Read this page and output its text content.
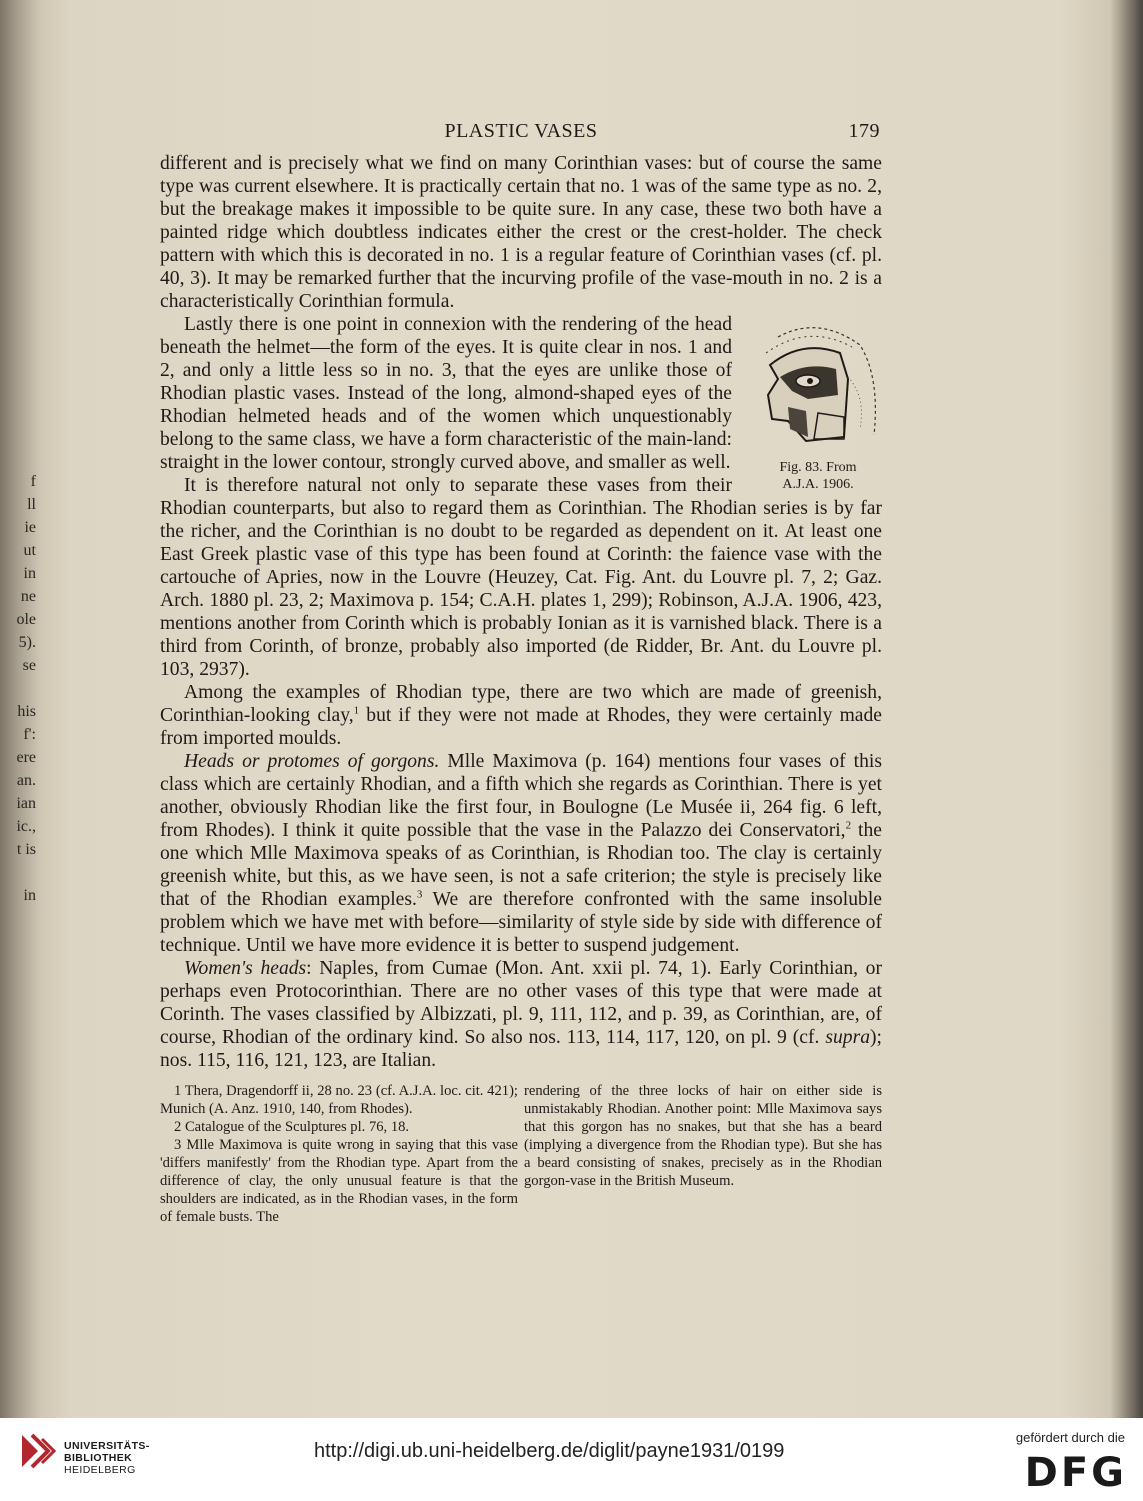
f
ll
ie
ut
in
ne
ole
5).
se
his
f':
ere
an.
ian
ic.,
t is
in
PLASTIC VASES	179

different and is precisely what we find on many Corinthian vases: but of course the same type was current elsewhere. It is practically certain that no. 1 was of the same type as no. 2, but the breakage makes it impossible to be quite sure. In any case, these two both have a painted ridge which doubtless indicates either the crest or the crest-holder. The check pattern with which this is decorated in no. 1 is a regular feature of Corinthian vases (cf. pl. 40, 3). It may be remarked further that the incurving profile of the vase-mouth in no. 2 is a characteristically Corinthian formula.

Fig. 83. From
A.J.A. 1906.

Lastly there is one point in connexion with the rendering of the head beneath the helmet—the form of the eyes. It is quite clear in nos. 1 and 2, and only a little less so in no. 3, that the eyes are unlike those of Rhodian plastic vases. Instead of the long, almond-shaped eyes of the Rhodian helmeted heads and of the women which unquestionably belong to the same class, we have a form characteristic of the main-land: straight in the lower contour, strongly curved above, and smaller as well.

It is therefore natural not only to separate these vases from their Rhodian counterparts, but also to regard them as Corinthian. The Rhodian series is by far the richer, and the Corinthian is no doubt to be regarded as dependent on it. At least one East Greek plastic vase of this type has been found at Corinth: the faience vase with the cartouche of Apries, now in the Louvre (Heuzey, Cat. Fig. Ant. du Louvre pl. 7, 2; Gaz. Arch. 1880 pl. 23, 2; Maximova p. 154; C.A.H. plates 1, 299); Robinson, A.J.A. 1906, 423, mentions another from Corinth which is probably Ionian as it is varnished black. There is a third from Corinth, of bronze, probably also imported (de Ridder, Br. Ant. du Louvre pl. 103, 2937).

Among the examples of Rhodian type, there are two which are made of greenish, Corinthian-looking clay,$^1$ but if they were not made at Rhodes, they were certainly made from imported moulds.

Heads or protomes of gorgons. Mlle Maximova (p. 164) mentions four vases of this class which are certainly Rhodian, and a fifth which she regards as Corinthian. There is yet another, obviously Rhodian like the first four, in Boulogne (Le Musée ii, 264 fig. 6 left, from Rhodes). I think it quite possible that the vase in the Palazzo dei Conservatori,$^2$ the one which Mlle Maximova speaks of as Corinthian, is Rhodian too. The clay is certainly greenish white, but this, as we have seen, is not a safe criterion; the style is precisely like that of the Rhodian examples.$^3$ We are therefore confronted with the same insoluble problem which we have met with before—similarity of style side by side with difference of technique. Until we have more evidence it is better to suspend judgement.

Women's heads: Naples, from Cumae (Mon. Ant. xxii pl. 74, 1). Early Corinthian, or perhaps even Protocorinthian. There are no other vases of this type that were made at Corinth. The vases classified by Albizzati, pl. 9, 111, 112, and p. 39, as Corinthian, are, of course, Rhodian of the ordinary kind. So also nos. 113, 114, 117, 120, on pl. 9 (cf. supra); nos. 115, 116, 121, 123, are Italian.

1 Thera, Dragendorff ii, 28 no. 23 (cf. A.J.A. loc. cit. 421); Munich (A. Anz. 1910, 140, from Rhodes).

2 Catalogue of the Sculptures pl. 76, 18.

3 Mlle Maximova is quite wrong in saying that this vase 'differs manifestly' from the Rhodian type. Apart from the difference of clay, the only unusual feature is that the shoulders are indicated, as in the Rhodian vases, in the form of female busts. The

rendering of the three locks of hair on either side is unmistakably Rhodian. Another point: Mlle Maximova says that this gorgon has no snakes, but that she has a beard (implying a divergence from the Rhodian type). But she has a beard consisting of snakes, precisely as in the Rhodian gorgon-vase in the British Museum.

UNIVERSITÄTS-
BIBLIOTHEK
HEIDELBERG
http://digi.ub.uni-heidelberg.de/diglit/payne1931/0199
gefördert durch die
DFG
